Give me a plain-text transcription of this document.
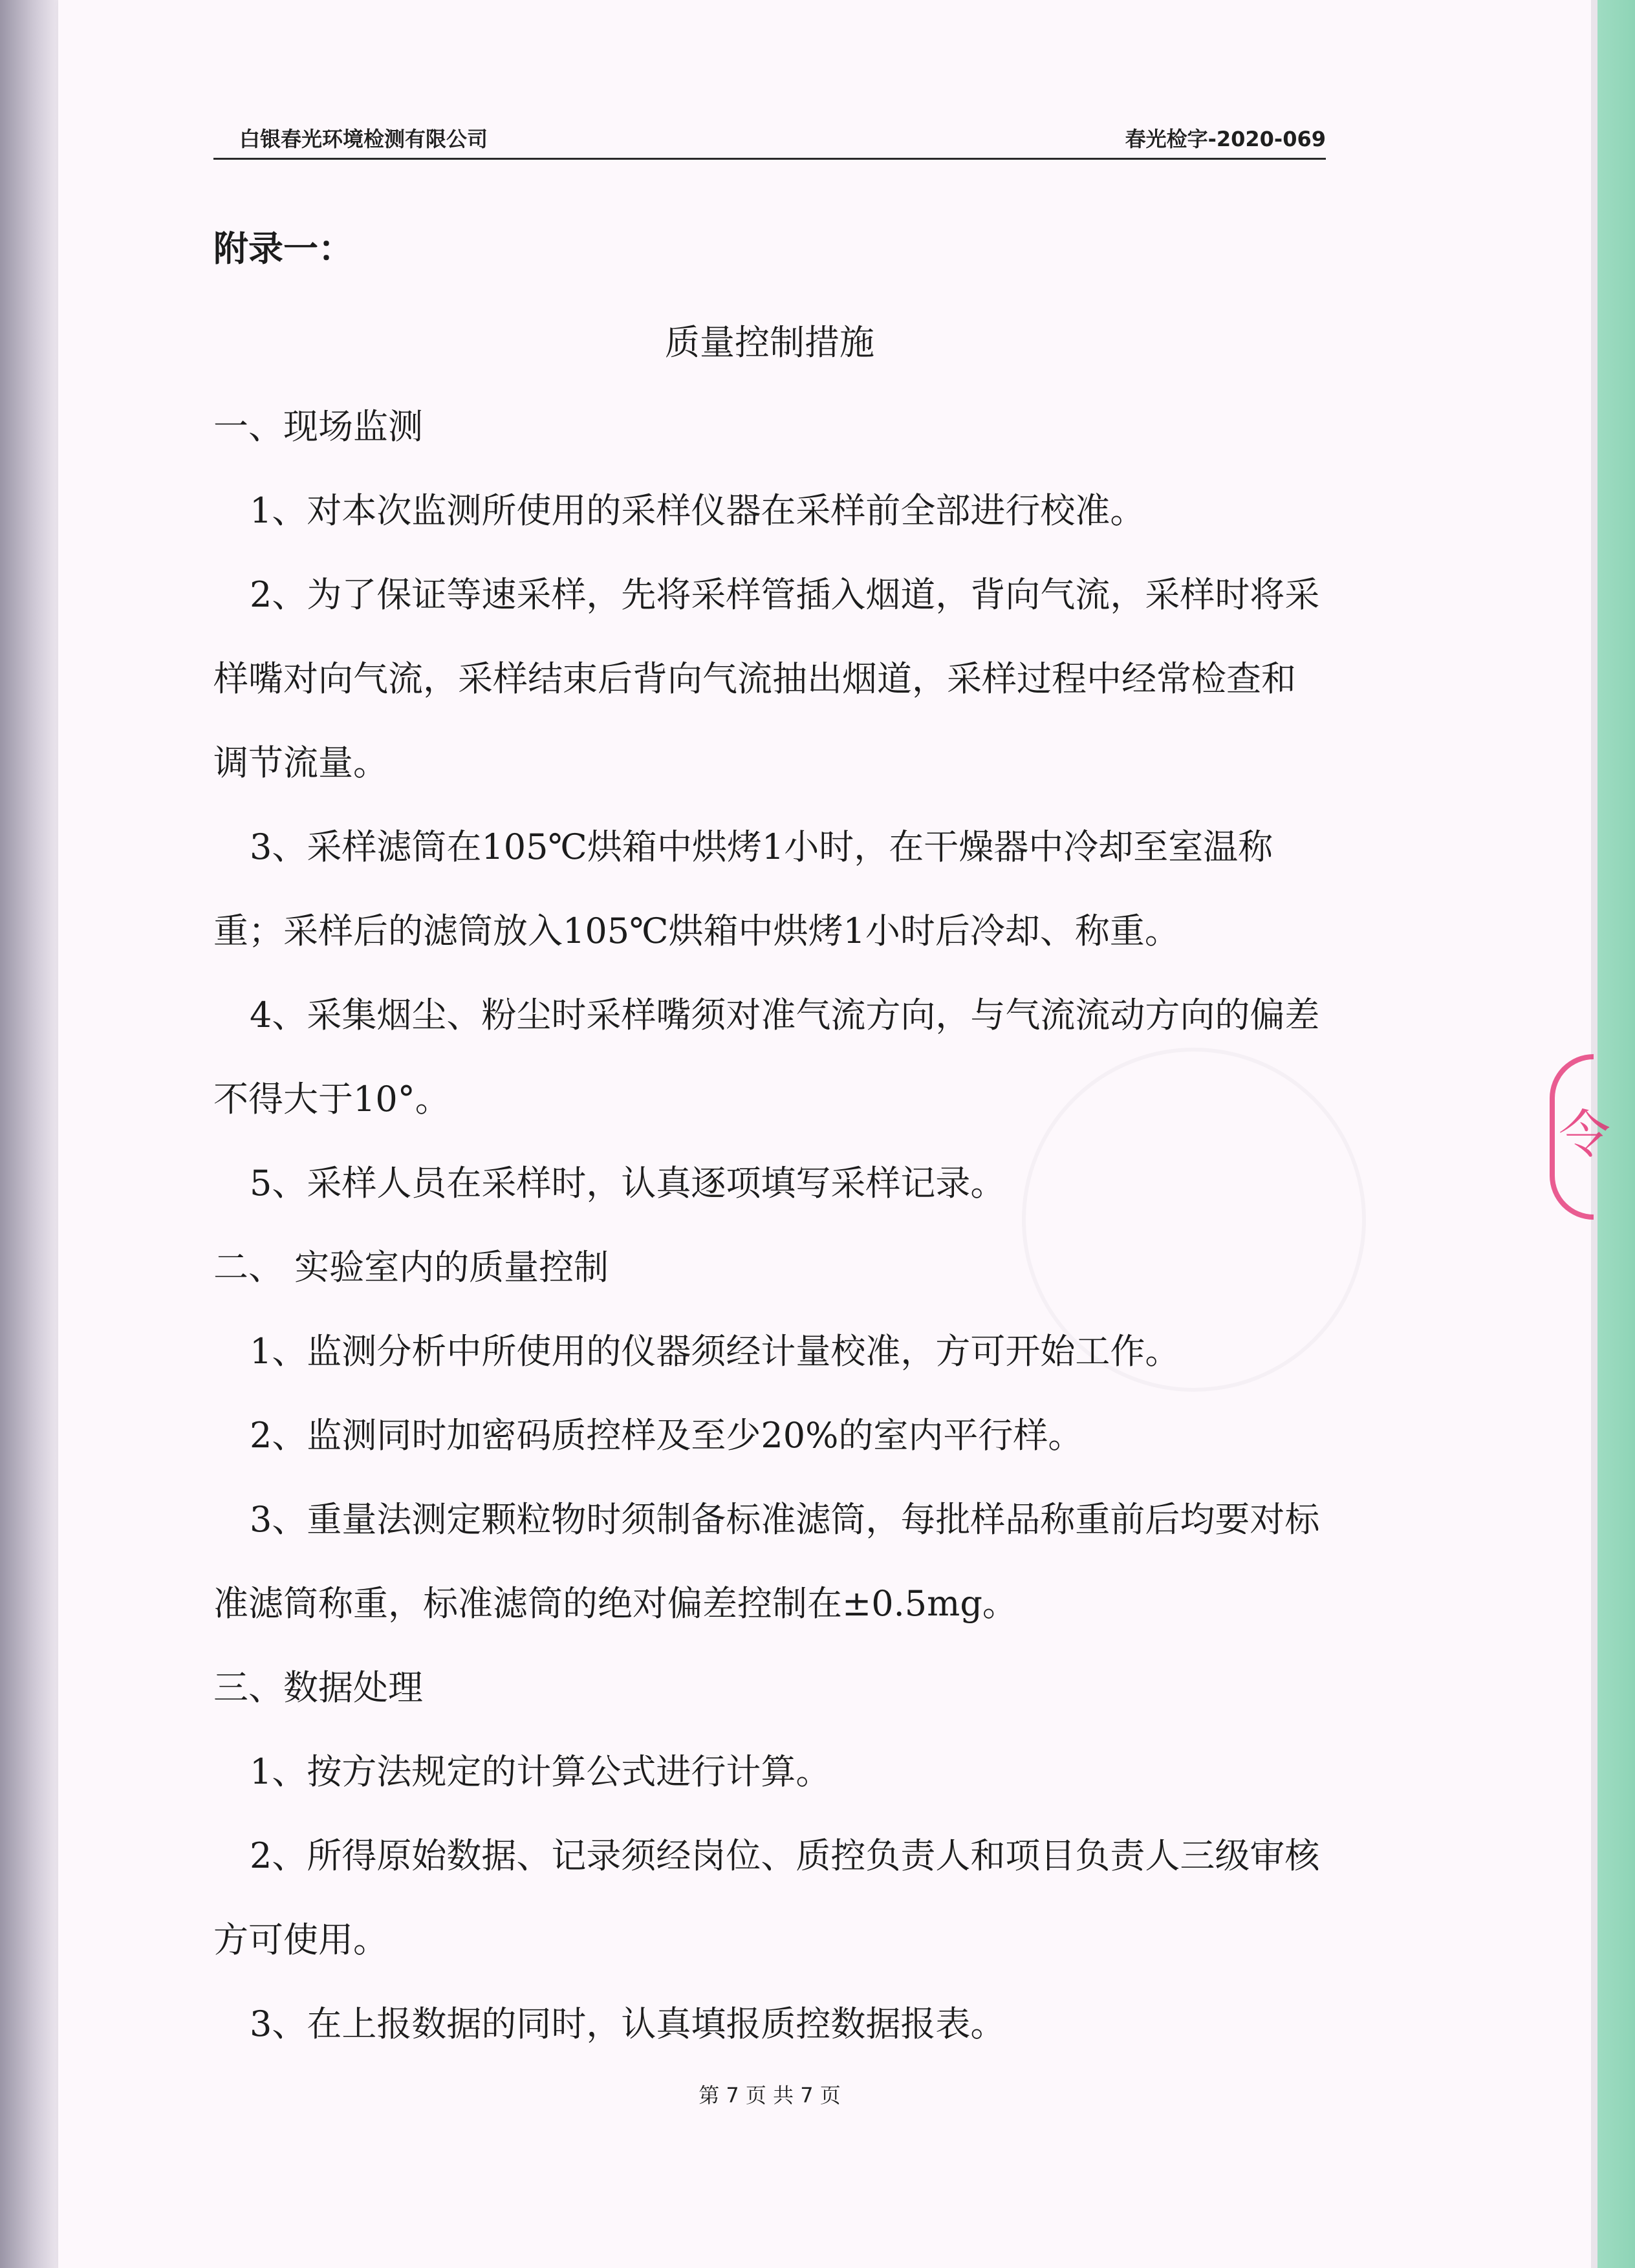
令
白银春光环境检测有限公司	春光检字-2020-069
附录一：
质量控制措施
一、现场监测
1、对本次监测所使用的采样仪器在采样前全部进行校准。
2、为了保证等速采样，先将采样管插入烟道，背向气流，采样时将采样嘴对向气流，采样结束后背向气流抽出烟道，采样过程中经常检查和调节流量。
3、采样滤筒在105℃烘箱中烘烤1小时，在干燥器中冷却至室温称重；采样后的滤筒放入105℃烘箱中烘烤1小时后冷却、称重。
4、采集烟尘、粉尘时采样嘴须对准气流方向，与气流流动方向的偏差不得大于10°。
5、采样人员在采样时，认真逐项填写采样记录。
二、 实验室内的质量控制
1、监测分析中所使用的仪器须经计量校准，方可开始工作。
2、监测同时加密码质控样及至少20%的室内平行样。
3、重量法测定颗粒物时须制备标准滤筒，每批样品称重前后均要对标准滤筒称重，标准滤筒的绝对偏差控制在±0.5mg。
三、数据处理
1、按方法规定的计算公式进行计算。
2、所得原始数据、记录须经岗位、质控负责人和项目负责人三级审核方可使用。
3、在上报数据的同时，认真填报质控数据报表。
第 7 页 共 7 页
